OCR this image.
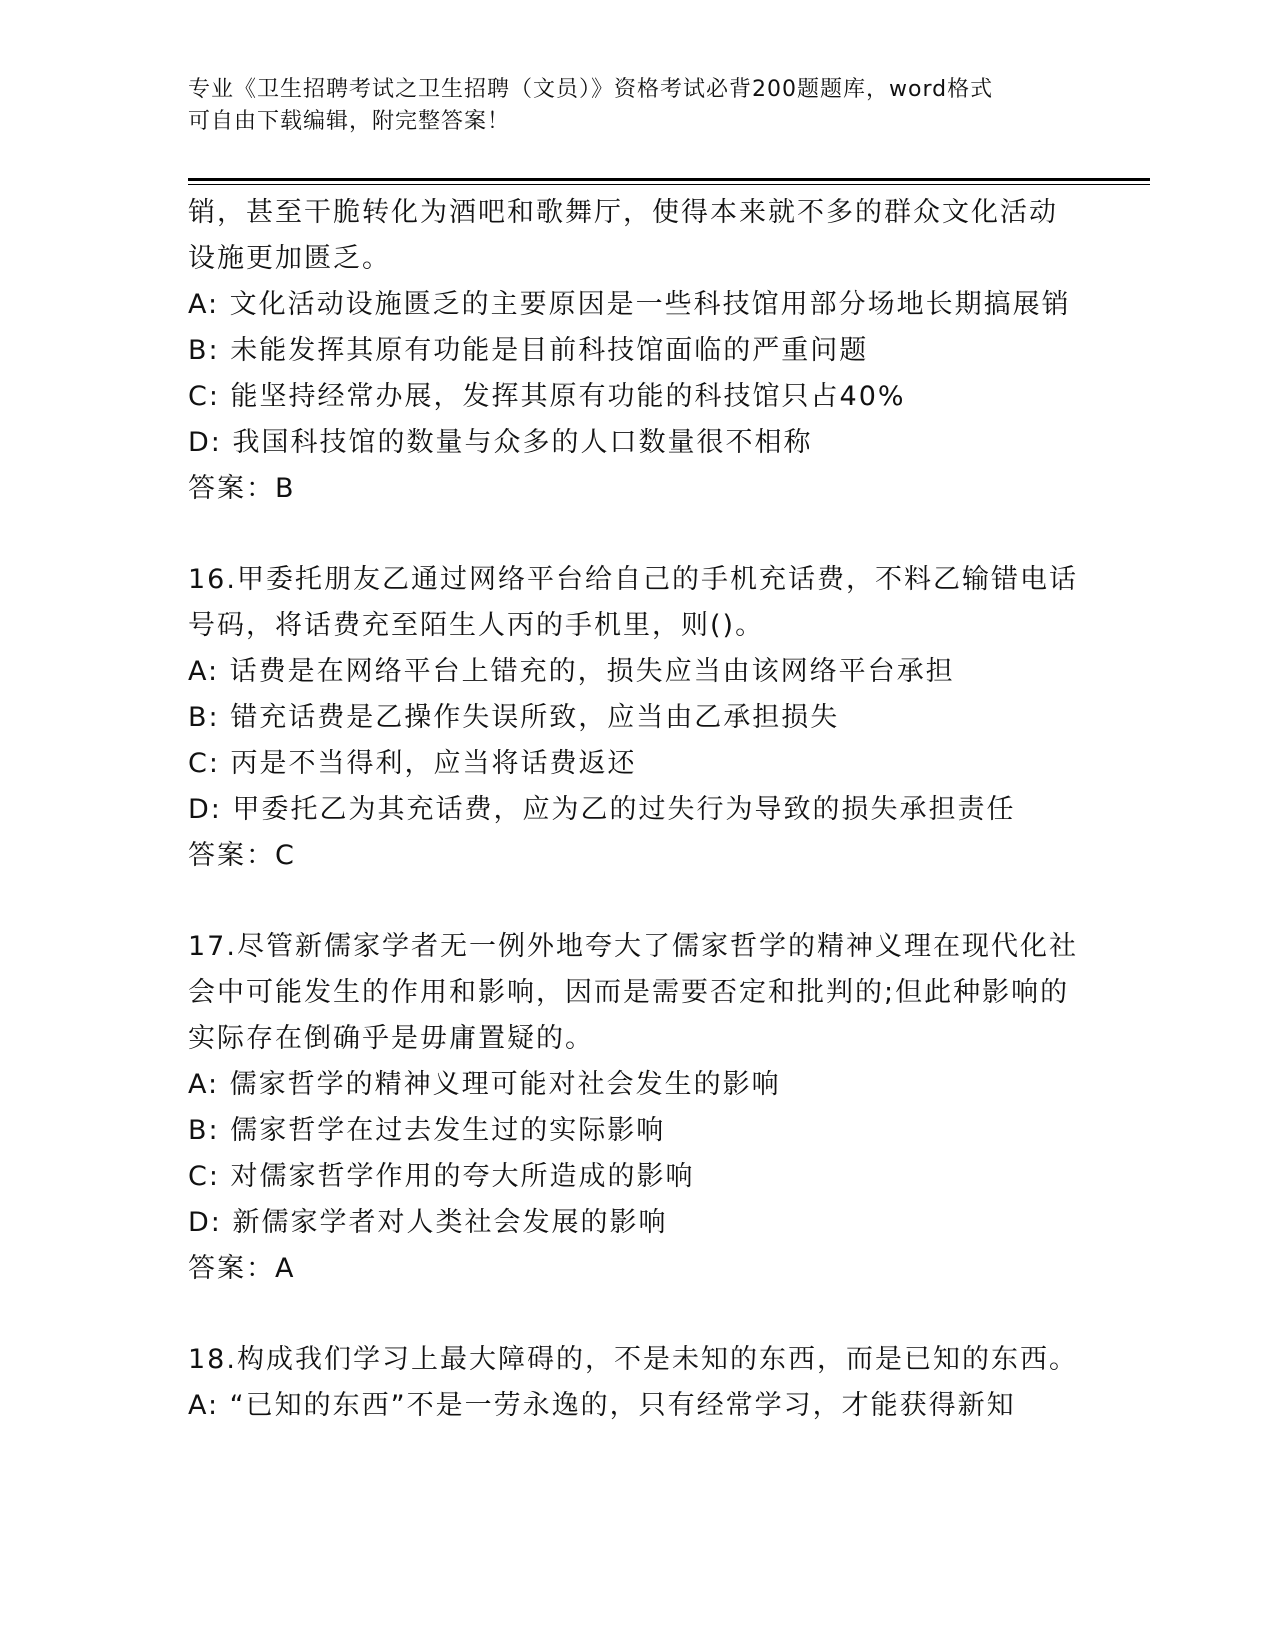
专业《卫生招聘考试之卫生招聘（文员）》资格考试必背200题题库，word格式
可自由下载编辑，附完整答案！
销，甚至干脆转化为酒吧和歌舞厅，使得本来就不多的群众文化活动
设施更加匮乏。
A: 文化活动设施匮乏的主要原因是一些科技馆用部分场地长期搞展销
B: 未能发挥其原有功能是目前科技馆面临的严重问题
C: 能坚持经常办展，发挥其原有功能的科技馆只占40%
D: 我国科技馆的数量与众多的人口数量很不相称
答案：B
16.甲委托朋友乙通过网络平台给自己的手机充话费，不料乙输错电话
号码，将话费充至陌生人丙的手机里，则()。
A: 话费是在网络平台上错充的，损失应当由该网络平台承担
B: 错充话费是乙操作失误所致，应当由乙承担损失
C: 丙是不当得利，应当将话费返还
D: 甲委托乙为其充话费，应为乙的过失行为导致的损失承担责任
答案：C
17.尽管新儒家学者无一例外地夸大了儒家哲学的精神义理在现代化社
会中可能发生的作用和影响，因而是需要否定和批判的;但此种影响的
实际存在倒确乎是毋庸置疑的。
A: 儒家哲学的精神义理可能对社会发生的影响
B: 儒家哲学在过去发生过的实际影响
C: 对儒家哲学作用的夸大所造成的影响
D: 新儒家学者对人类社会发展的影响
答案：A
18.构成我们学习上最大障碍的，不是未知的东西，而是已知的东西。
A: “已知的东西”不是一劳永逸的，只有经常学习，才能获得新知
